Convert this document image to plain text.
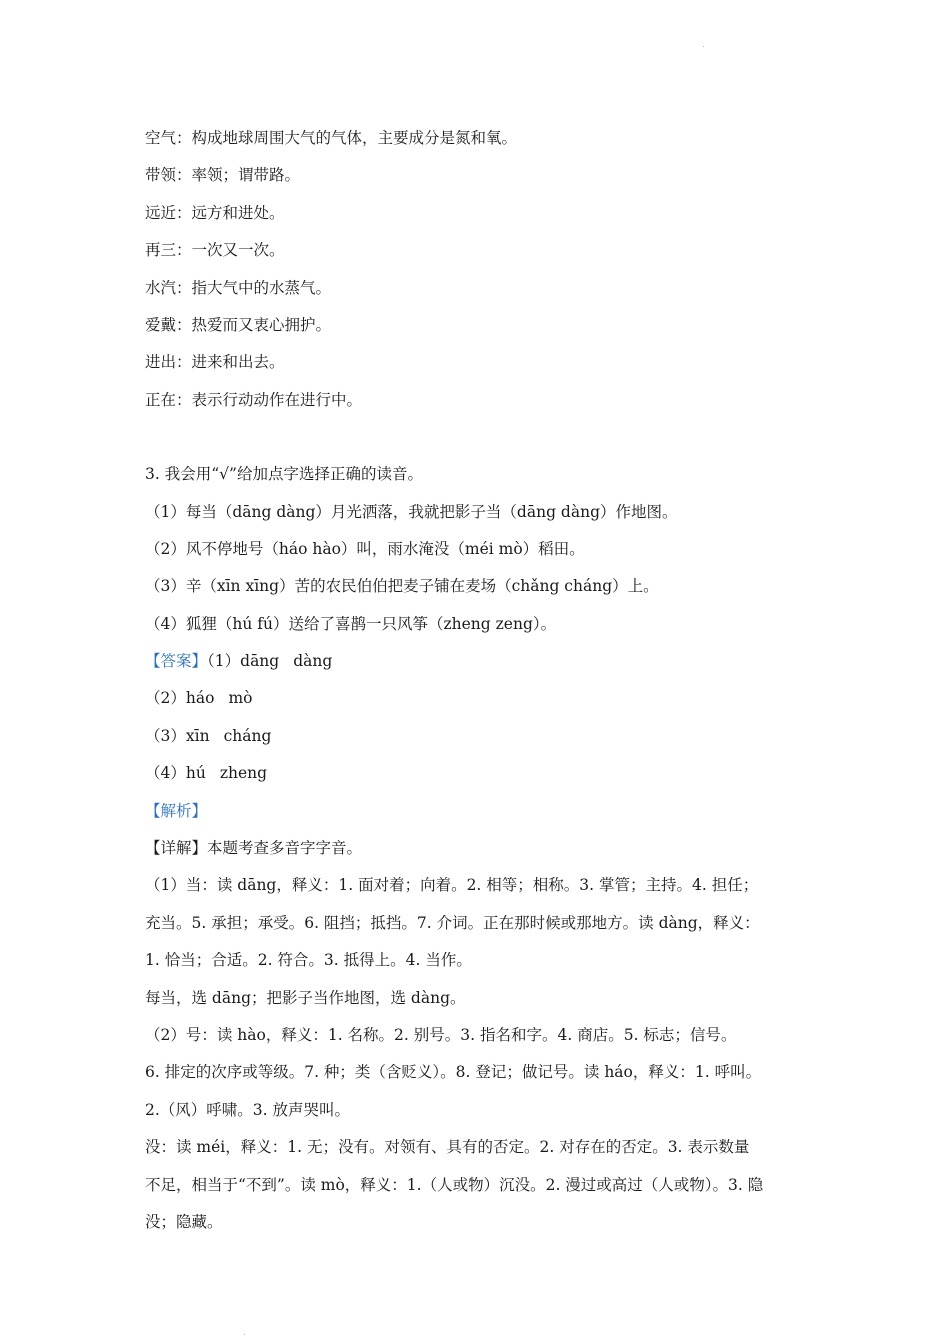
.
空气：构成地球周围大气的气体，主要成分是氮和氧。
带领：率领；谓带路。
远近：远方和进处。
再三：一次又一次。
水汽：指大气中的水蒸气。
爱戴：热爱而又衷心拥护。
进出：进来和出去。
正在：表示行动动作在进行中。
3. 我会用“√”给加点字选择正确的读音。
（1）每当（dāng dàng）月光洒落，我就把影子当（dāng dàng）作地图。
（2）风不停地号（háo hào）叫，雨水淹没（méi mò）稻田。
（3）辛（xīn xīng）苦的农民伯伯把麦子铺在麦场（chǎng cháng）上。
（4）狐狸（hú fú）送给了喜鹊一只风筝（zheng zeng）。
【答案】（1）dāng dàng
（2）háo mò
（3）xīn cháng
（4）hú zheng
【解析】
【详解】本题考查多音字字音。
（1）当：读 dāng，释义：1. 面对着；向着。2. 相等；相称。3. 掌管；主持。4. 担任；
充当。5. 承担；承受。6. 阻挡；抵挡。7. 介词。正在那时候或那地方。读 dàng，释义：
1. 恰当；合适。2. 符合。3. 抵得上。4. 当作。
每当，选 dāng；把影子当作地图，选 dàng。
（2）号：读 hào，释义：1. 名称。2. 别号。3. 指名和字。4. 商店。5. 标志；信号。
6. 排定的次序或等级。7. 种；类（含贬义）。8. 登记；做记号。读 háo，释义：1. 呼叫。
2.（风）呼啸。3. 放声哭叫。
没：读 méi，释义：1. 无；没有。对领有、具有的否定。2. 对存在的否定。3. 表示数量
不足，相当于“不到”。读 mò，释义：1.（人或物）沉没。2. 漫过或高过（人或物）。3. 隐
没；隐藏。
.
